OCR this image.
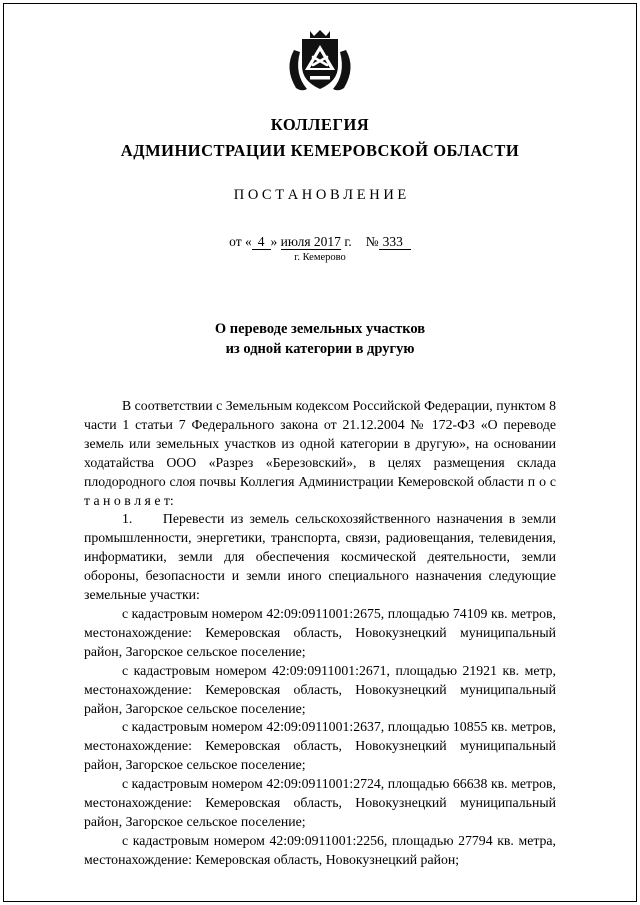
КОЛЛЕГИЯ
АДМИНИСТРАЦИИ КЕМЕРОВСКОЙ ОБЛАСТИ
П О С Т А Н О В Л Е Н И Е
от « 4 » июля 2017 г. № 333
г. Кемерово
О переводе земельных участков
из одной категории в другую

В соответствии с Земельным кодексом Российской Федерации, пунктом 8 части 1 статьи 7 Федерального закона от 21.12.2004 № 172-ФЗ «О переводе земель или земельных участков из одной категории в другую», на основании ходатайства ООО «Разрез «Березовский», в целях размещения склада плодородного слоя почвы Коллегия Администрации Кемеровской области п о с т а н о в л я е т:

1.     Перевести из земель сельскохозяйственного назначения в земли промышленности, энергетики, транспорта, связи, радиовещания, телевидения, информатики, земли для обеспечения космической деятельности, земли обороны, безопасности и земли иного специального назначения следующие земельные участки:

с кадастровым номером 42:09:0911001:2675, площадью 74109 кв. метров, местонахождение: Кемеровская область, Новокузнецкий муниципальный район, Загорское сельское поселение;

с кадастровым номером 42:09:0911001:2671, площадью 21921 кв. метр, местонахождение: Кемеровская область, Новокузнецкий муниципальный район, Загорское сельское поселение;

с кадастровым номером 42:09:0911001:2637, площадью 10855 кв. метров, местонахождение: Кемеровская область, Новокузнецкий муниципальный район, Загорское сельское поселение;

с кадастровым номером 42:09:0911001:2724, площадью 66638 кв. метров, местонахождение: Кемеровская область, Новокузнецкий муниципальный район, Загорское сельское поселение;

с кадастровым номером 42:09:0911001:2256, площадью 27794 кв. метра, местонахождение: Кемеровская область, Новокузнецкий район;
